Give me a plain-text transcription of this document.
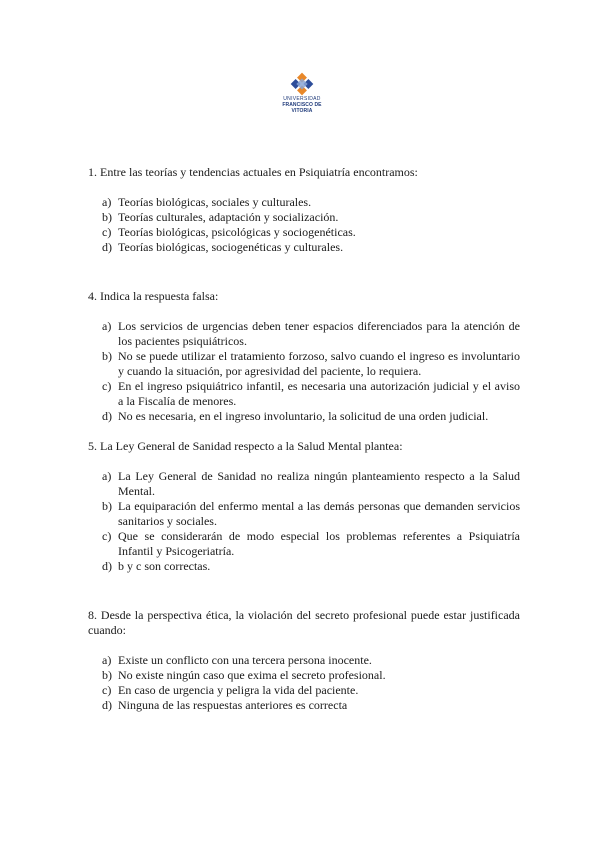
UNIVERSIDAD
FRANCISCO DE VITORIA

1. Entre las teorías y tendencias actuales en Psiquiatría encontramos:

a) Teorías biológicas, sociales y culturales.
b) Teorías culturales, adaptación y socialización.
c) Teorías biológicas, psicológicas y sociogenéticas.
d) Teorías biológicas, sociogenéticas y culturales.

4. Indica la respuesta falsa:

a) Los servicios de urgencias deben tener espacios diferenciados para la atención de los pacientes psiquiátricos.
b) No se puede utilizar el tratamiento forzoso, salvo cuando el ingreso es involuntario y cuando la situación, por agresividad del paciente, lo requiera.
c) En el ingreso psiquiátrico infantil, es necesaria una autorización judicial y el aviso a la Fiscalía de menores.
d) No es necesaria, en el ingreso involuntario, la solicitud de una orden judicial.

5. La Ley General de Sanidad respecto a la Salud Mental plantea:

a) La Ley General de Sanidad no realiza ningún planteamiento respecto a la Salud Mental.
b) La equiparación del enfermo mental a las demás personas que demanden servicios sanitarios y sociales.
c) Que se considerarán de modo especial los problemas referentes a Psiquiatría Infantil y Psicogeriatría.
d) b y c son correctas.

8. Desde la perspectiva ética, la violación del secreto profesional puede estar justificada cuando:

a) Existe un conflicto con una tercera persona inocente.
b) No existe ningún caso que exima el secreto profesional.
c) En caso de urgencia y peligra la vida del paciente.
d) Ninguna de las respuestas anteriores es correcta
